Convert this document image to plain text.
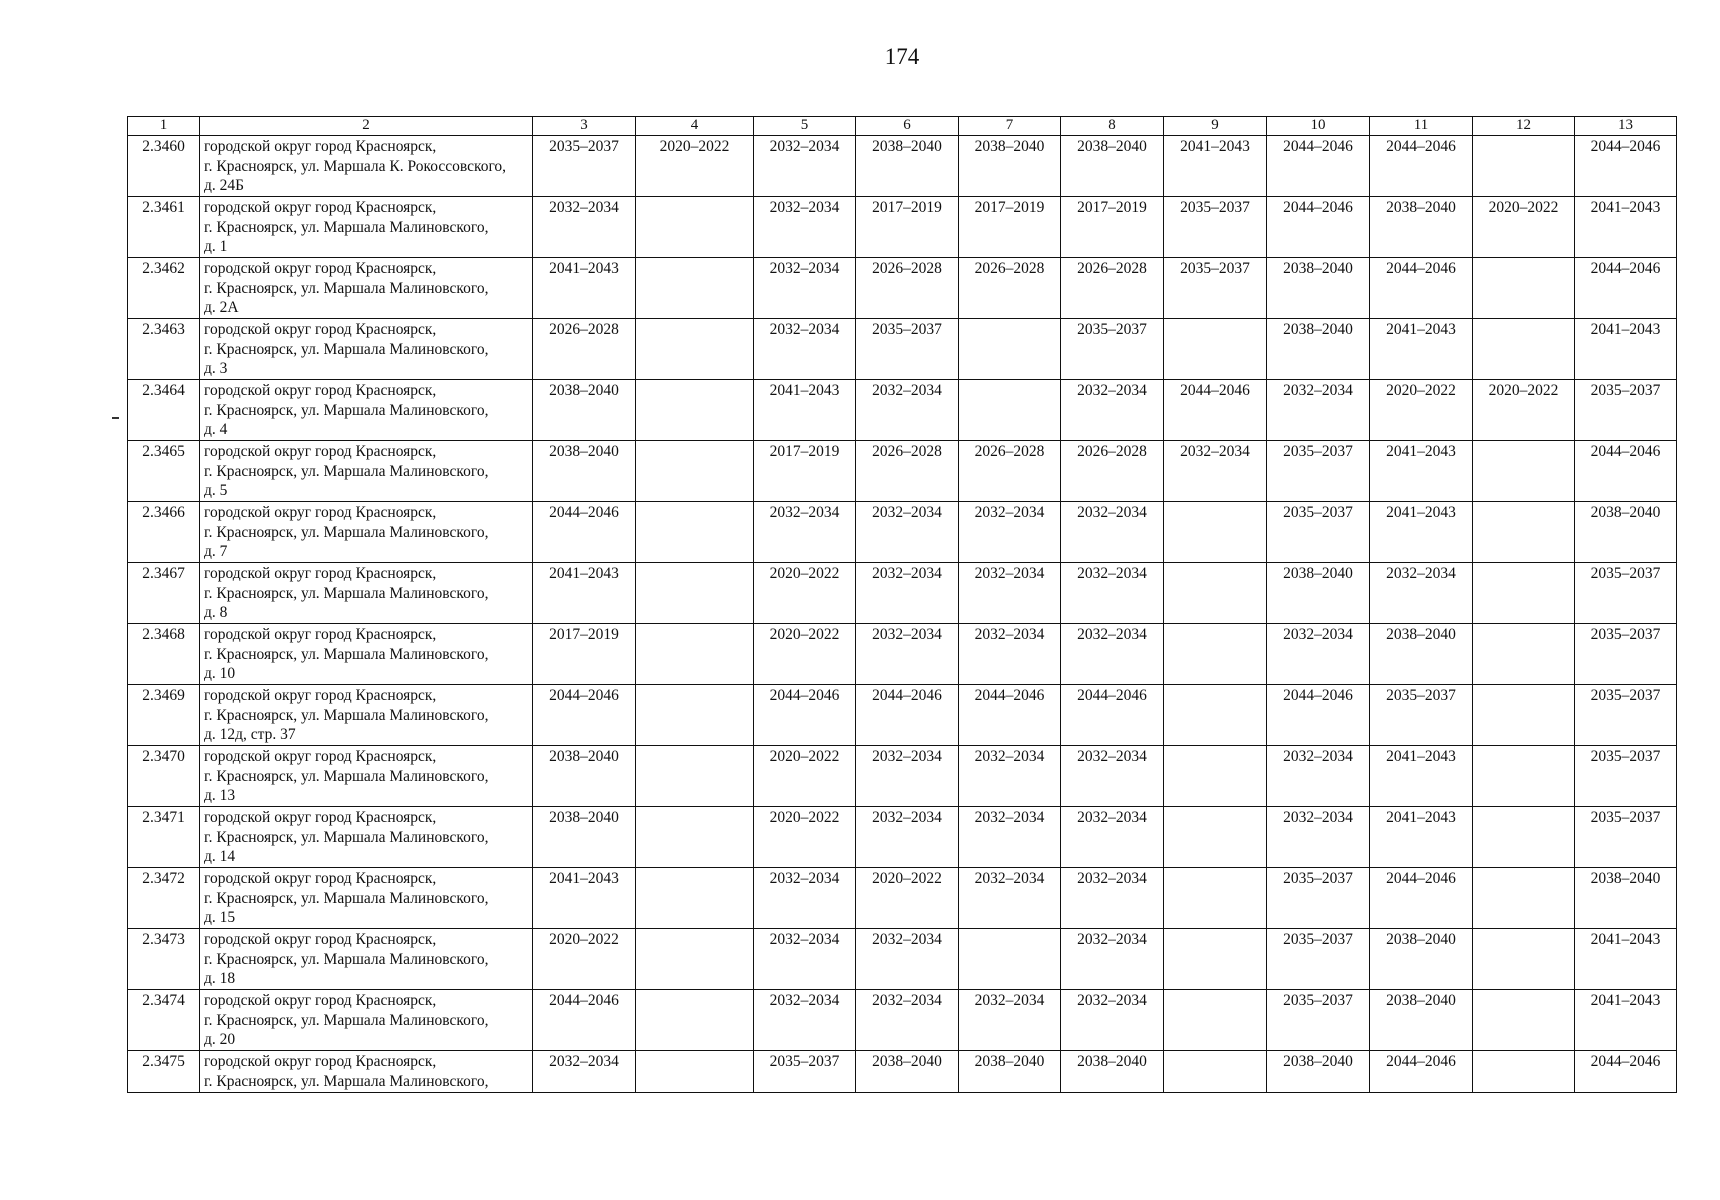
174
1	2	3	4	5	6	7	8	9	10	11	12	13
2.3460	городской округ город Красноярск,
г. Красноярск, ул. Маршала К. Рокоссовского,
д. 24Б	2035–2037	2020–2022	2032–2034	2038–2040	2038–2040	2038–2040	2041–2043	2044–2046	2044–2046		2044–2046
2.3461	городской округ город Красноярск,
г. Красноярск, ул. Маршала Малиновского,
д. 1	2032–2034		2032–2034	2017–2019	2017–2019	2017–2019	2035–2037	2044–2046	2038–2040	2020–2022	2041–2043
2.3462	городской округ город Красноярск,
г. Красноярск, ул. Маршала Малиновского,
д. 2А	2041–2043		2032–2034	2026–2028	2026–2028	2026–2028	2035–2037	2038–2040	2044–2046		2044–2046
2.3463	городской округ город Красноярск,
г. Красноярск, ул. Маршала Малиновского,
д. 3	2026–2028		2032–2034	2035–2037		2035–2037		2038–2040	2041–2043		2041–2043
2.3464	городской округ город Красноярск,
г. Красноярск, ул. Маршала Малиновского,
д. 4	2038–2040		2041–2043	2032–2034		2032–2034	2044–2046	2032–2034	2020–2022	2020–2022	2035–2037
2.3465	городской округ город Красноярск,
г. Красноярск, ул. Маршала Малиновского,
д. 5	2038–2040		2017–2019	2026–2028	2026–2028	2026–2028	2032–2034	2035–2037	2041–2043		2044–2046
2.3466	городской округ город Красноярск,
г. Красноярск, ул. Маршала Малиновского,
д. 7	2044–2046		2032–2034	2032–2034	2032–2034	2032–2034		2035–2037	2041–2043		2038–2040
2.3467	городской округ город Красноярск,
г. Красноярск, ул. Маршала Малиновского,
д. 8	2041–2043		2020–2022	2032–2034	2032–2034	2032–2034		2038–2040	2032–2034		2035–2037
2.3468	городской округ город Красноярск,
г. Красноярск, ул. Маршала Малиновского,
д. 10	2017–2019		2020–2022	2032–2034	2032–2034	2032–2034		2032–2034	2038–2040		2035–2037
2.3469	городской округ город Красноярск,
г. Красноярск, ул. Маршала Малиновского,
д. 12д, стр. 37	2044–2046		2044–2046	2044–2046	2044–2046	2044–2046		2044–2046	2035–2037		2035–2037
2.3470	городской округ город Красноярск,
г. Красноярск, ул. Маршала Малиновского,
д. 13	2038–2040		2020–2022	2032–2034	2032–2034	2032–2034		2032–2034	2041–2043		2035–2037
2.3471	городской округ город Красноярск,
г. Красноярск, ул. Маршала Малиновского,
д. 14	2038–2040		2020–2022	2032–2034	2032–2034	2032–2034		2032–2034	2041–2043		2035–2037
2.3472	городской округ город Красноярск,
г. Красноярск, ул. Маршала Малиновского,
д. 15	2041–2043		2032–2034	2020–2022	2032–2034	2032–2034		2035–2037	2044–2046		2038–2040
2.3473	городской округ город Красноярск,
г. Красноярск, ул. Маршала Малиновского,
д. 18	2020–2022		2032–2034	2032–2034		2032–2034		2035–2037	2038–2040		2041–2043
2.3474	городской округ город Красноярск,
г. Красноярск, ул. Маршала Малиновского,
д. 20	2044–2046		2032–2034	2032–2034	2032–2034	2032–2034		2035–2037	2038–2040		2041–2043
2.3475	городской округ город Красноярск,
г. Красноярск, ул. Маршала Малиновского,	2032–2034		2035–2037	2038–2040	2038–2040	2038–2040		2038–2040	2044–2046		2044–2046
